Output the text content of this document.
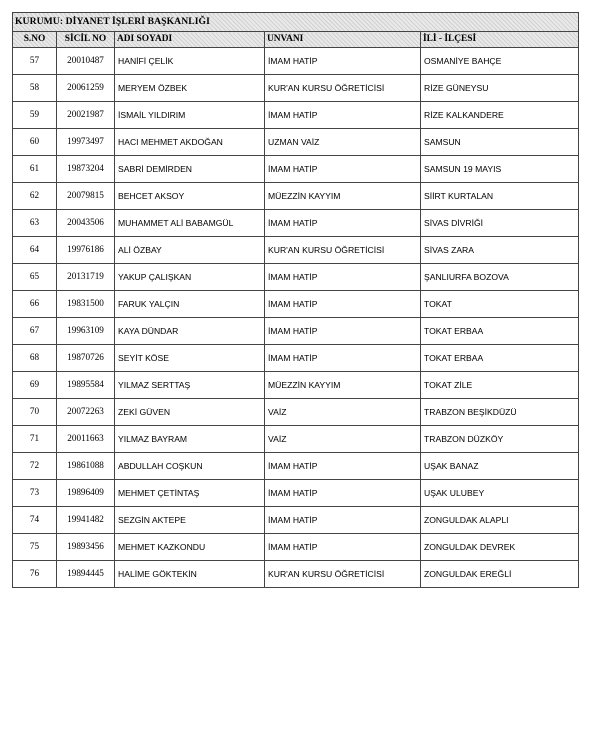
KURUMU: DİYANET İŞLERİ BAŞKANLIĞI				
S.NO	SİCİL NO	ADI SOYADI	UNVANI	İLİ - İLÇESİ
57	20010487	HANİFİ ÇELİK	İMAM HATİP	OSMANİYE BAHÇE
58	20061259	MERYEM ÖZBEK	KUR'AN KURSU ÖĞRETİCİSİ	RİZE GÜNEYSU
59	20021987	İSMAİL YILDIRIM	İMAM HATİP	RİZE KALKANDERE
60	19973497	HACI MEHMET AKDOĞAN	UZMAN VAİZ	SAMSUN
61	19873204	SABRİ DEMİRDEN	İMAM HATİP	SAMSUN 19 MAYIS
62	20079815	BEHCET AKSOY	MÜEZZİN KAYYIM	SİİRT KURTALAN
63	20043506	MUHAMMET ALİ BABAMGÜL	İMAM HATİP	SİVAS DİVRİĞİ
64	19976186	ALİ ÖZBAY	KUR'AN KURSU ÖĞRETİCİSİ	SİVAS ZARA
65	20131719	YAKUP ÇALIŞKAN	İMAM HATİP	ŞANLIURFA BOZOVA
66	19831500	FARUK YALÇIN	İMAM HATİP	TOKAT
67	19963109	KAYA DÜNDAR	İMAM HATİP	TOKAT ERBAA
68	19870726	SEYİT KÖSE	İMAM HATİP	TOKAT ERBAA
69	19895584	YILMAZ SERTTAŞ	MÜEZZİN KAYYIM	TOKAT ZİLE
70	20072263	ZEKİ GÜVEN	VAİZ	TRABZON BEŞİKDÜZÜ
71	20011663	YILMAZ BAYRAM	VAİZ	TRABZON DÜZKÖY
72	19861088	ABDULLAH COŞKUN	İMAM HATİP	UŞAK BANAZ
73	19896409	MEHMET ÇETİNTAŞ	İMAM HATİP	UŞAK ULUBEY
74	19941482	SEZGİN AKTEPE	İMAM HATİP	ZONGULDAK ALAPLI
75	19893456	MEHMET KAZKONDU	İMAM HATİP	ZONGULDAK DEVREK
76	19894445	HALİME GÖKTEKİN	KUR'AN KURSU ÖĞRETİCİSİ	ZONGULDAK EREĞLİ
